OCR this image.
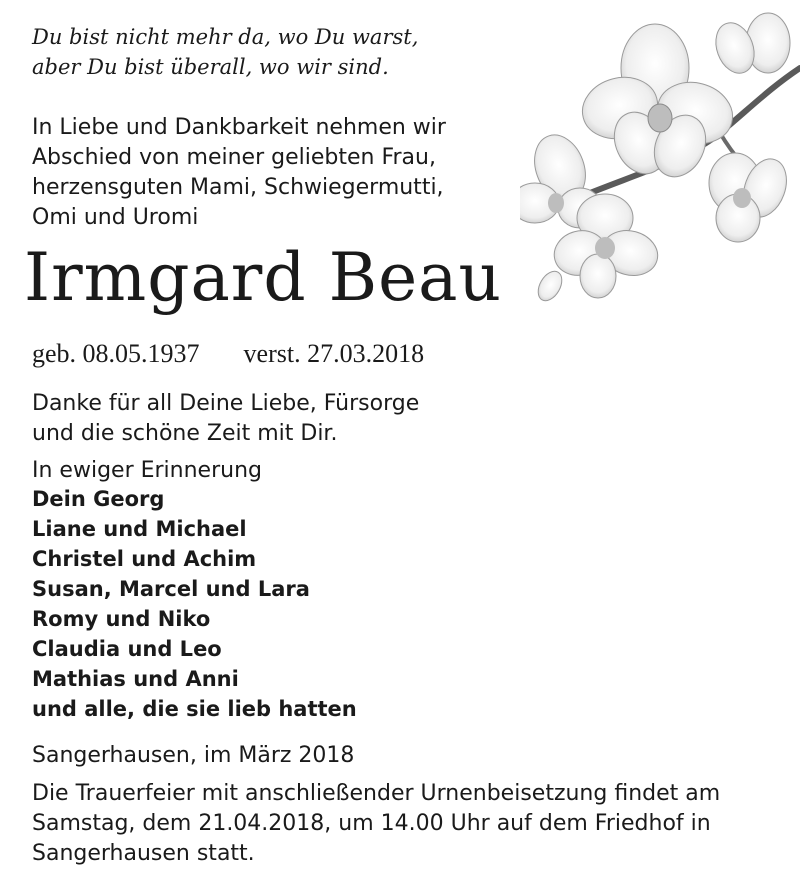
Du bist nicht mehr da, wo Du warst,
aber Du bist überall, wo wir sind.
In Liebe und Dankbarkeit nehmen wir
Abschied von meiner geliebten Frau,
herzensguten Mami, Schwiegermutti,
Omi und Uromi
Irmgard Beau
geb. 08.05.1937 verst. 27.03.2018
Danke für all Deine Liebe, Fürsorge
und die schöne Zeit mit Dir.
In ewiger Erinnerung
Dein Georg
Liane und Michael
Christel und Achim
Susan, Marcel und Lara
Romy und Niko
Claudia und Leo
Mathias und Anni
und alle, die sie lieb hatten
Sangerhausen, im März 2018
Die Trauerfeier mit anschließender Urnenbeisetzung findet am
Samstag, dem 21.04.2018, um 14.00 Uhr auf dem Friedhof in
Sangerhausen statt.
